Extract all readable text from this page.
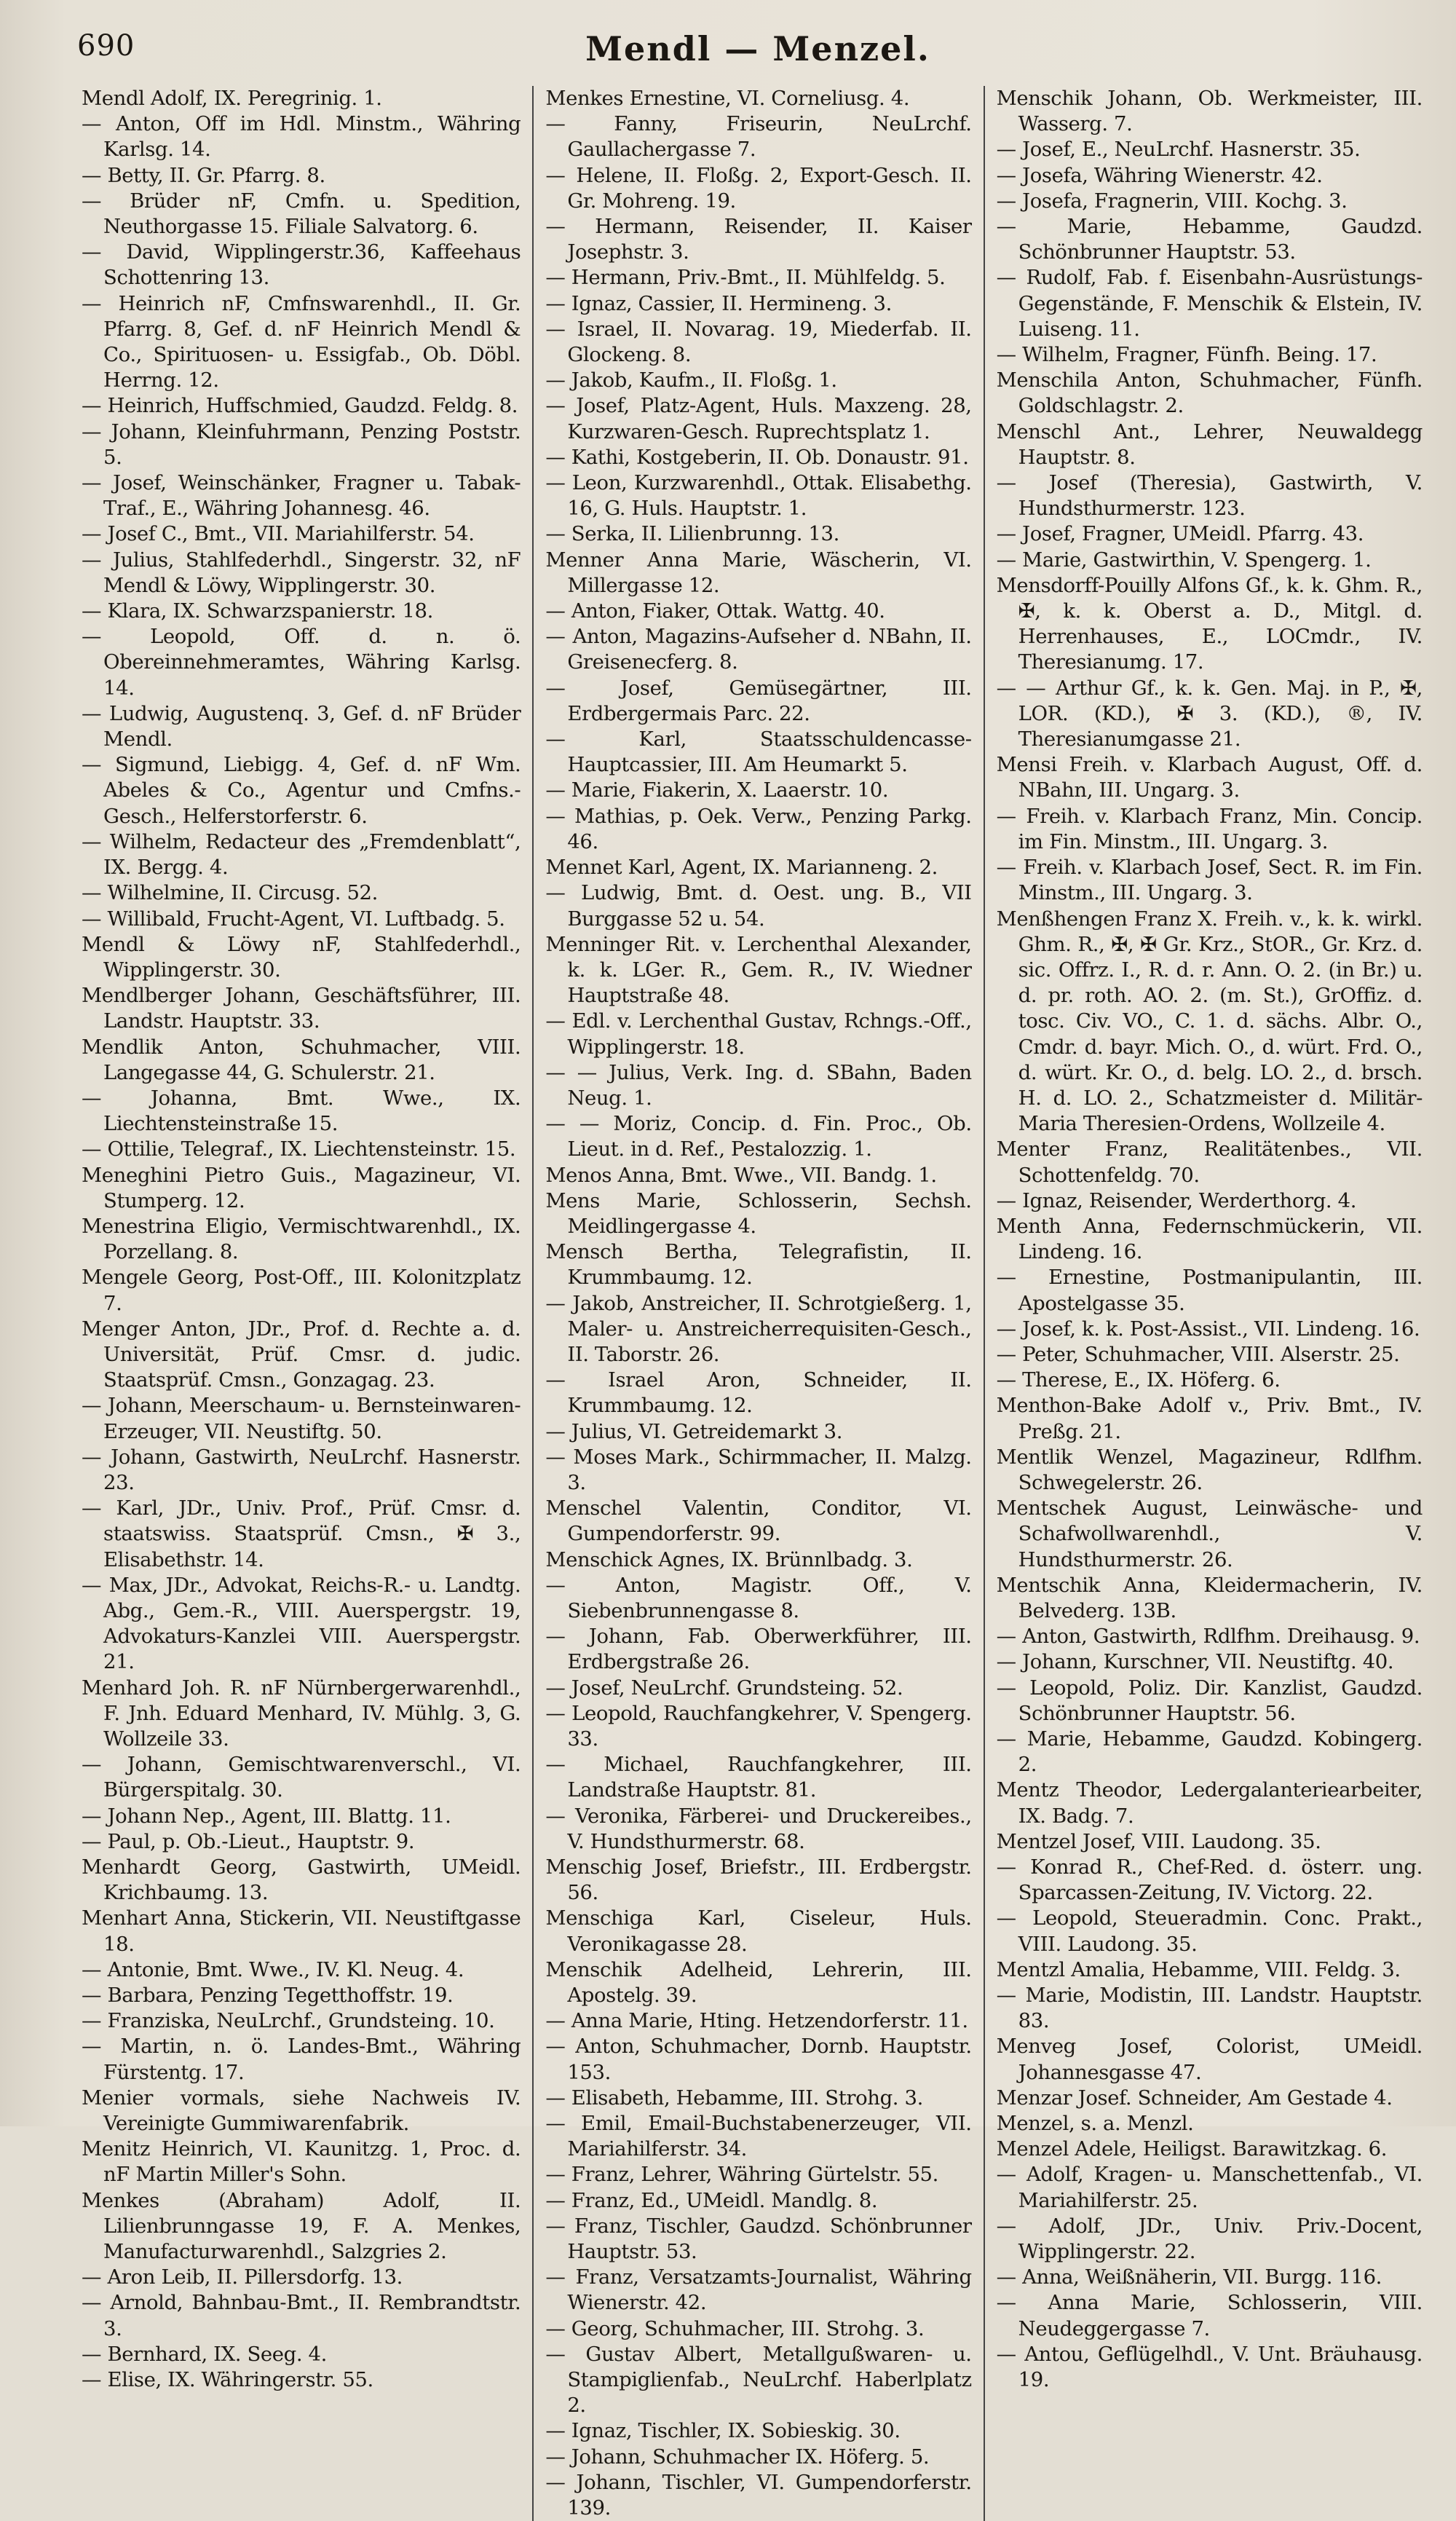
690	Mendl — Menzel.
Mendl Adolf, IX. Peregrinig. 1.
— Anton, Off im Hdl. Minstm., Währing Karlsg. 14.
— Betty, II. Gr. Pfarrg. 8.
— Brüder nF, Cmfn. u. Spedition, Neuthorgasse 15. Filiale Salvatorg. 6.
— David, Wipplingerstr.36, Kaffeehaus Schottenring 13.
— Heinrich nF, Cmfnswarenhdl., II. Gr. Pfarrg. 8, Gef. d. nF Heinrich Mendl & Co., Spirituosen- u. Essigfab., Ob. Döbl. Herrng. 12.
— Heinrich, Huffschmied, Gaudzd. Feldg. 8.
— Johann, Kleinfuhrmann, Penzing Poststr. 5.
— Josef, Weinschänker, Fragner u. Tabak-Traf., E., Währing Johannesg. 46.
— Josef C., Bmt., VII. Mariahilferstr. 54.
— Julius, Stahlfederhdl., Singerstr. 32, nF Mendl & Löwy, Wipplingerstr. 30.
— Klara, IX. Schwarzspanierstr. 18.
— Leopold, Off. d. n. ö. Obereinnehmeramtes, Währing Karlsg. 14.
— Ludwig, Augustenq. 3, Gef. d. nF Brüder Mendl.
— Sigmund, Liebigg. 4, Gef. d. nF Wm. Abeles & Co., Agentur und Cmfns.-Gesch., Helferstorferstr. 6.
— Wilhelm, Redacteur des „Fremdenblatt“, IX. Bergg. 4.
— Wilhelmine, II. Circusg. 52.
— Willibald, Frucht-Agent, VI. Luftbadg. 5.
Mendl & Löwy nF, Stahlfederhdl., Wipplingerstr. 30.
Mendlberger Johann, Geschäftsführer, III. Landstr. Hauptstr. 33.
Mendlik Anton, Schuhmacher, VIII. Langegasse 44, G. Schulerstr. 21.
— Johanna, Bmt. Wwe., IX. Liechtensteinstraße 15.
— Ottilie, Telegraf., IX. Liechtensteinstr. 15.
Meneghini Pietro Guis., Magazineur, VI. Stumperg. 12.
Menestrina Eligio, Vermischtwarenhdl., IX. Porzellang. 8.
Mengele Georg, Post-Off., III. Kolonitzplatz 7.
Menger Anton, JDr., Prof. d. Rechte a. d. Universität, Prüf. Cmsr. d. judic. Staatsprüf. Cmsn., Gonzagag. 23.
— Johann, Meerschaum- u. Bernsteinwaren-Erzeuger, VII. Neustiftg. 50.
— Johann, Gastwirth, NeuLrchf. Hasnerstr. 23.
— Karl, JDr., Univ. Prof., Prüf. Cmsr. d. staatswiss. Staatsprüf. Cmsn., ✠ 3., Elisabethstr. 14.
— Max, JDr., Advokat, Reichs-R.- u. Landtg. Abg., Gem.-R., VIII. Auerspergstr. 19, Advokaturs-Kanzlei VIII. Auerspergstr. 21.
Menhard Joh. R. nF Nürnbergerwarenhdl., F. Jnh. Eduard Menhard, IV. Mühlg. 3, G. Wollzeile 33.
— Johann, Gemischtwarenverschl., VI. Bürgerspitalg. 30.
— Johann Nep., Agent, III. Blattg. 11.
— Paul, p. Ob.-Lieut., Hauptstr. 9.
Menhardt Georg, Gastwirth, UMeidl. Krichbaumg. 13.
Menhart Anna, Stickerin, VII. Neustiftgasse 18.
— Antonie, Bmt. Wwe., IV. Kl. Neug. 4.
— Barbara, Penzing Tegetthoffstr. 19.
— Franziska, NeuLrchf., Grundsteing. 10.
— Martin, n. ö. Landes-Bmt., Währing Fürstentg. 17.
Menier vormals, siehe Nachweis IV. Vereinigte Gummiwarenfabrik.
Menitz Heinrich, VI. Kaunitzg. 1, Proc. d. nF Martin Miller's Sohn.
Menkes (Abraham) Adolf, II. Lilienbrunngasse 19, F. A. Menkes, Manufacturwarenhdl., Salzgries 2.
— Aron Leib, II. Pillersdorfg. 13.
— Arnold, Bahnbau-Bmt., II. Rembrandtstr. 3.
— Bernhard, IX. Seeg. 4.
— Elise, IX. Währingerstr. 55.
Menkes Ernestine, VI. Corneliusg. 4.
— Fanny, Friseurin, NeuLrchf. Gaullachergasse 7.
— Helene, II. Floßg. 2, Export-Gesch. II. Gr. Mohreng. 19.
— Hermann, Reisender, II. Kaiser Josephstr. 3.
— Hermann, Priv.-Bmt., II. Mühlfeldg. 5.
— Ignaz, Cassier, II. Hermineng. 3.
— Israel, II. Novarag. 19, Miederfab. II. Glockeng. 8.
— Jakob, Kaufm., II. Floßg. 1.
— Josef, Platz-Agent, Huls. Maxzeng. 28, Kurzwaren-Gesch. Ruprechtsplatz 1.
— Kathi, Kostgeberin, II. Ob. Donaustr. 91.
— Leon, Kurzwarenhdl., Ottak. Elisabethg. 16, G. Huls. Hauptstr. 1.
— Serka, II. Lilienbrunng. 13.
Menner Anna Marie, Wäscherin, VI. Millergasse 12.
— Anton, Fiaker, Ottak. Wattg. 40.
— Anton, Magazins-Aufseher d. NBahn, II. Greisenecferg. 8.
— Josef, Gemüsegärtner, III. Erdbergermais Parc. 22.
— Karl, Staatsschuldencasse-Hauptcassier, III. Am Heumarkt 5.
— Marie, Fiakerin, X. Laaerstr. 10.
— Mathias, p. Oek. Verw., Penzing Parkg. 46.
Mennet Karl, Agent, IX. Marianneng. 2.
— Ludwig, Bmt. d. Oest. ung. B., VII Burggasse 52 u. 54.
Menninger Rit. v. Lerchenthal Alexander, k. k. LGer. R., Gem. R., IV. Wiedner Hauptstraße 48.
— Edl. v. Lerchenthal Gustav, Rchngs.-Off., Wipplingerstr. 18.
— — Julius, Verk. Ing. d. SBahn, Baden Neug. 1.
— — Moriz, Concip. d. Fin. Proc., Ob. Lieut. in d. Ref., Pestalozzig. 1.
Menos Anna, Bmt. Wwe., VII. Bandg. 1.
Mens Marie, Schlosserin, Sechsh. Meidlingergasse 4.
Mensch Bertha, Telegrafistin, II. Krummbaumg. 12.
— Jakob, Anstreicher, II. Schrotgießerg. 1, Maler- u. Anstreicherrequisiten-Gesch., II. Taborstr. 26.
— Israel Aron, Schneider, II. Krummbaumg. 12.
— Julius, VI. Getreidemarkt 3.
— Moses Mark., Schirmmacher, II. Malzg. 3.
Menschel Valentin, Conditor, VI. Gumpendorferstr. 99.
Menschick Agnes, IX. Brünnlbadg. 3.
— Anton, Magistr. Off., V. Siebenbrunnengasse 8.
— Johann, Fab. Oberwerkführer, III. Erdbergstraße 26.
— Josef, NeuLrchf. Grundsteing. 52.
— Leopold, Rauchfangkehrer, V. Spengerg. 33.
— Michael, Rauchfangkehrer, III. Landstraße Hauptstr. 81.
— Veronika, Färberei- und Druckereibes., V. Hundsthurmerstr. 68.
Menschig Josef, Briefstr., III. Erdbergstr. 56.
Menschiga Karl, Ciseleur, Huls. Veronikagasse 28.
Menschik Adelheid, Lehrerin, III. Apostelg. 39.
— Anna Marie, Hting. Hetzendorferstr. 11.
— Anton, Schuhmacher, Dornb. Hauptstr. 153.
— Elisabeth, Hebamme, III. Strohg. 3.
— Emil, Email-Buchstabenerzeuger, VII. Mariahilferstr. 34.
— Franz, Lehrer, Währing Gürtelstr. 55.
— Franz, Ed., UMeidl. Mandlg. 8.
— Franz, Tischler, Gaudzd. Schönbrunner Hauptstr. 53.
— Franz, Versatzamts-Journalist, Währing Wienerstr. 42.
— Georg, Schuhmacher, III. Strohg. 3.
— Gustav Albert, Metallgußwaren- u. Stampiglienfab., NeuLrchf. Haberlplatz 2.
— Ignaz, Tischler, IX. Sobieskig. 30.
— Johann, Schuhmacher IX. Höferg. 5.
— Johann, Tischler, VI. Gumpendorferstr. 139.
Menschik Johann, Ob. Werkmeister, III. Wasserg. 7.
— Josef, E., NeuLrchf. Hasnerstr. 35.
— Josefa, Währing Wienerstr. 42.
— Josefa, Fragnerin, VIII. Kochg. 3.
— Marie, Hebamme, Gaudzd. Schönbrunner Hauptstr. 53.
— Rudolf, Fab. f. Eisenbahn-Ausrüstungs-Gegenstände, F. Menschik & Elstein, IV. Luiseng. 11.
— Wilhelm, Fragner, Fünfh. Being. 17.
Menschila Anton, Schuhmacher, Fünfh. Goldschlagstr. 2.
Menschl Ant., Lehrer, Neuwaldegg Hauptstr. 8.
— Josef (Theresia), Gastwirth, V. Hundsthurmerstr. 123.
— Josef, Fragner, UMeidl. Pfarrg. 43.
— Marie, Gastwirthin, V. Spengerg. 1.
Mensdorff-Pouilly Alfons Gf., k. k. Ghm. R., ✠, k. k. Oberst a. D., Mitgl. d. Herrenhauses, E., LOCmdr., IV. Theresianumg. 17.
— — Arthur Gf., k. k. Gen. Maj. in P., ✠, LOR. (KD.), ✠ 3. (KD.), ®, IV. Theresianumgasse 21.
Mensi Freih. v. Klarbach August, Off. d. NBahn, III. Ungarg. 3.
— Freih. v. Klarbach Franz, Min. Concip. im Fin. Minstm., III. Ungarg. 3.
— Freih. v. Klarbach Josef, Sect. R. im Fin. Minstm., III. Ungarg. 3.
Menßhengen Franz X. Freih. v., k. k. wirkl. Ghm. R., ✠, ✠ Gr. Krz., StOR., Gr. Krz. d. sic. Offrz. I., R. d. r. Ann. O. 2. (in Br.) u. d. pr. roth. AO. 2. (m. St.), GrOffiz. d. tosc. Civ. VO., C. 1. d. sächs. Albr. O., Cmdr. d. bayr. Mich. O., d. würt. Frd. O., d. würt. Kr. O., d. belg. LO. 2., d. brsch. H. d. LO. 2., Schatzmeister d. Militär-Maria Theresien-Ordens, Wollzeile 4.
Menter Franz, Realitätenbes., VII. Schottenfeldg. 70.
— Ignaz, Reisender, Werderthorg. 4.
Menth Anna, Federnschmückerin, VII. Lindeng. 16.
— Ernestine, Postmanipulantin, III. Apostelgasse 35.
— Josef, k. k. Post-Assist., VII. Lindeng. 16.
— Peter, Schuhmacher, VIII. Alserstr. 25.
— Therese, E., IX. Höferg. 6.
Menthon-Bake Adolf v., Priv. Bmt., IV. Preßg. 21.
Mentlik Wenzel, Magazineur, Rdlfhm. Schwegelerstr. 26.
Mentschek August, Leinwäsche- und Schafwollwarenhdl., V. Hundsthurmerstr. 26.
Mentschik Anna, Kleidermacherin, IV. Belvederg. 13B.
— Anton, Gastwirth, Rdlfhm. Dreihausg. 9.
— Johann, Kurschner, VII. Neustiftg. 40.
— Leopold, Poliz. Dir. Kanzlist, Gaudzd. Schönbrunner Hauptstr. 56.
— Marie, Hebamme, Gaudzd. Kobingerg. 2.
Mentz Theodor, Ledergalanteriearbeiter, IX. Badg. 7.
Mentzel Josef, VIII. Laudong. 35.
— Konrad R., Chef-Red. d. österr. ung. Sparcassen-Zeitung, IV. Victorg. 22.
— Leopold, Steueradmin. Conc. Prakt., VIII. Laudong. 35.
Mentzl Amalia, Hebamme, VIII. Feldg. 3.
— Marie, Modistin, III. Landstr. Hauptstr. 83.
Menveg Josef, Colorist, UMeidl. Johannesgasse 47.
Menzar Josef. Schneider, Am Gestade 4.
Menzel, s. a. Menzl.
Menzel Adele, Heiligst. Barawitzkag. 6.
— Adolf, Kragen- u. Manschettenfab., VI. Mariahilferstr. 25.
— Adolf, JDr., Univ. Priv.-Docent, Wipplingerstr. 22.
— Anna, Weißnäherin, VII. Burgg. 116.
— Anna Marie, Schlosserin, VIII. Neudeggergasse 7.
— Antou, Geflügelhdl., V. Unt. Bräuhausg. 19.
